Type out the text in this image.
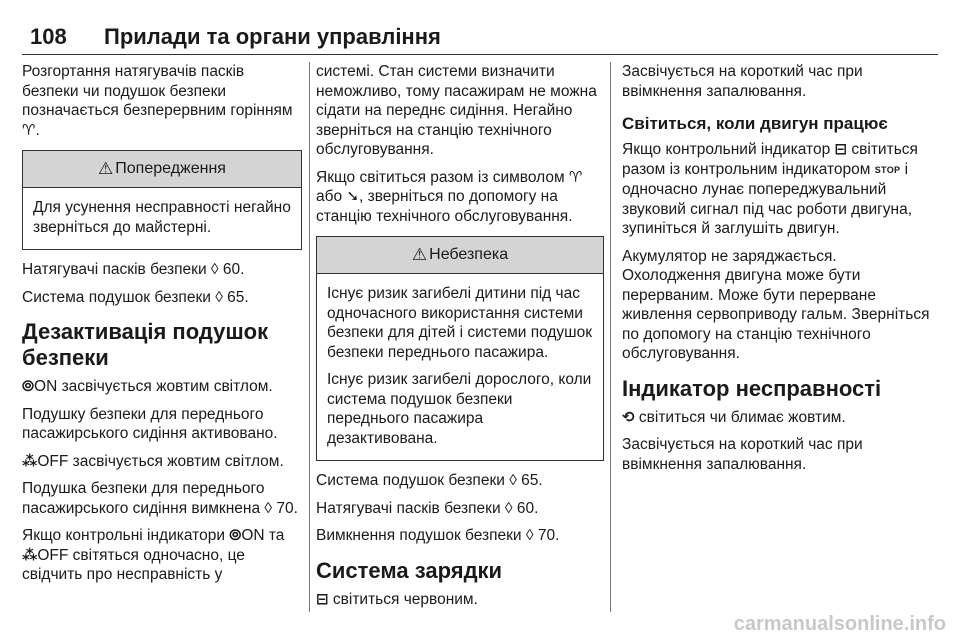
108 Прилади та органи управління

Розгортання натягувачів пасків безпеки чи подушок безпеки позначається безперервним горінням ♈.

⚠ Попередження

Для усунення несправності негайно зверніться до майстерні.

Натягувачі пасків безпеки ◊ 60.

Система подушок безпеки ◊ 65.

Дезактивація подушок безпеки

⦾ON засвічується жовтим світлом.

Подушку безпеки для переднього пасажирського сидіння активовано.

⁂OFF засвічується жовтим світлом.

Подушка безпеки для переднього пасажирського сидіння вимкнена ◊ 70.

Якщо контрольні індикатори ⦾ON та ⁂OFF світяться одночасно, це свідчить про несправність у

системі. Стан системи визначити неможливо, тому пасажирам не можна сідати на переднє сидіння. Негайно зверніться на станцію технічного обслуговування.

Якщо світиться разом із символом ♈ або ➘, зверніться по допомогу на станцію технічного обслуговування.

⚠ Небезпека

Існує ризик загибелі дитини під час одночасного використання системи безпеки для дітей і системи подушок безпеки переднього пасажира.

Існує ризик загибелі дорослого, коли система подушок безпеки переднього пасажира дезактивована.

Система подушок безпеки ◊ 65.

Натягувачі пасків безпеки ◊ 60.

Вимкнення подушок безпеки ◊ 70.

Система зарядки

⊟ світиться червоним.

Засвічується на короткий час при ввімкнення запалювання.

Світиться, коли двигун працює

Якщо контрольний індикатор ⊟ світиться разом із контрольним індикатором STOP і одночасно лунає попереджувальний звуковий сигнал під час роботи двигуна, зупиніться й заглушіть двигун.

Акумулятор не заряджається. Охолодження двигуна може бути перерваним. Може бути перерване живлення сервоприводу гальм. Зверніться по допомогу на станцію технічного обслуговування.

Індикатор несправності

⟲ світиться чи блимає жовтим.

Засвічується на короткий час при ввімкнення запалювання.

carmanualsonline.info
